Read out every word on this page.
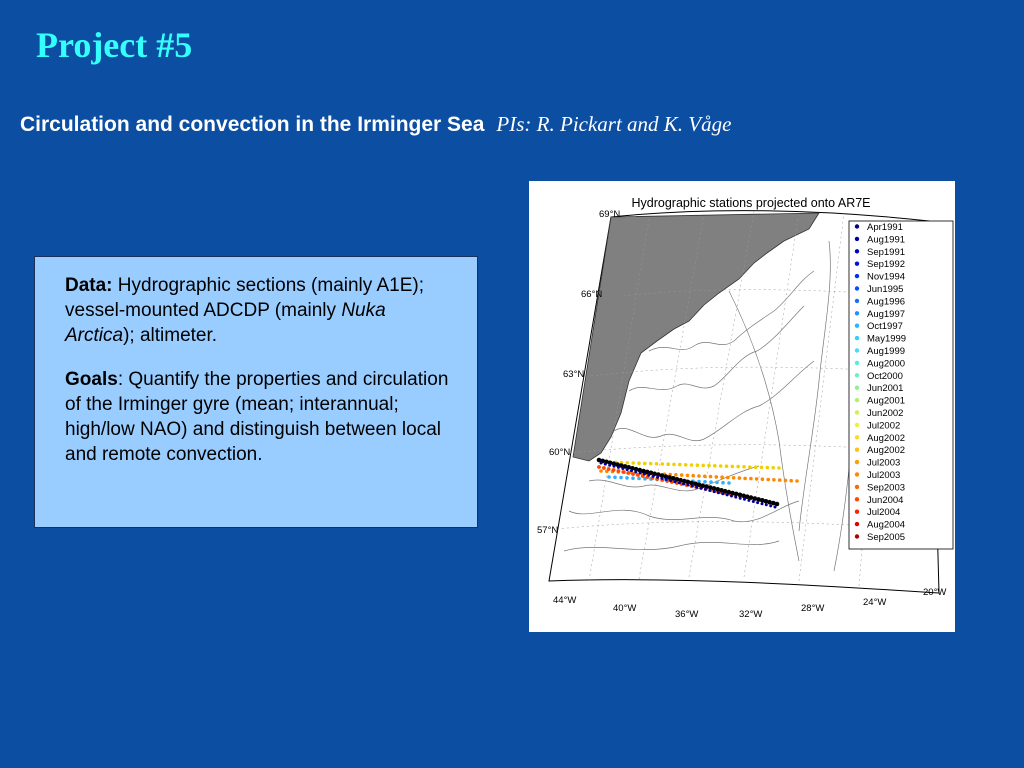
Project #5
Circulation and convection in the Irminger Sea PIs: R. Pickart and K. Våge

Data: Hydrographic sections (mainly A1E); vessel-mounted ADCDP (mainly Nuka Arctica); altimeter.

Goals: Quantify the properties and circulation of the Irminger gyre (mean; interannual; high/low NAO) and distinguish between local and remote convection.

Hydrographic stations projected onto AR7E
69°N
66°N
63°N
60°N
57°N
44°W
40°W
36°W	32°W
28°W
24°W
20°W
Apr1991
Aug1991
Sep1991
Sep1992
Nov1994
Jun1995
Aug1996
Aug1997
Oct1997
May1999
Aug1999
Aug2000
Oct2000
Jun2001
Aug2001
Jun2002
Jul2002
Aug2002
Aug2002
Jul2003
Jul2003
Sep2003
Jun2004
Jul2004
Aug2004
Sep2005
